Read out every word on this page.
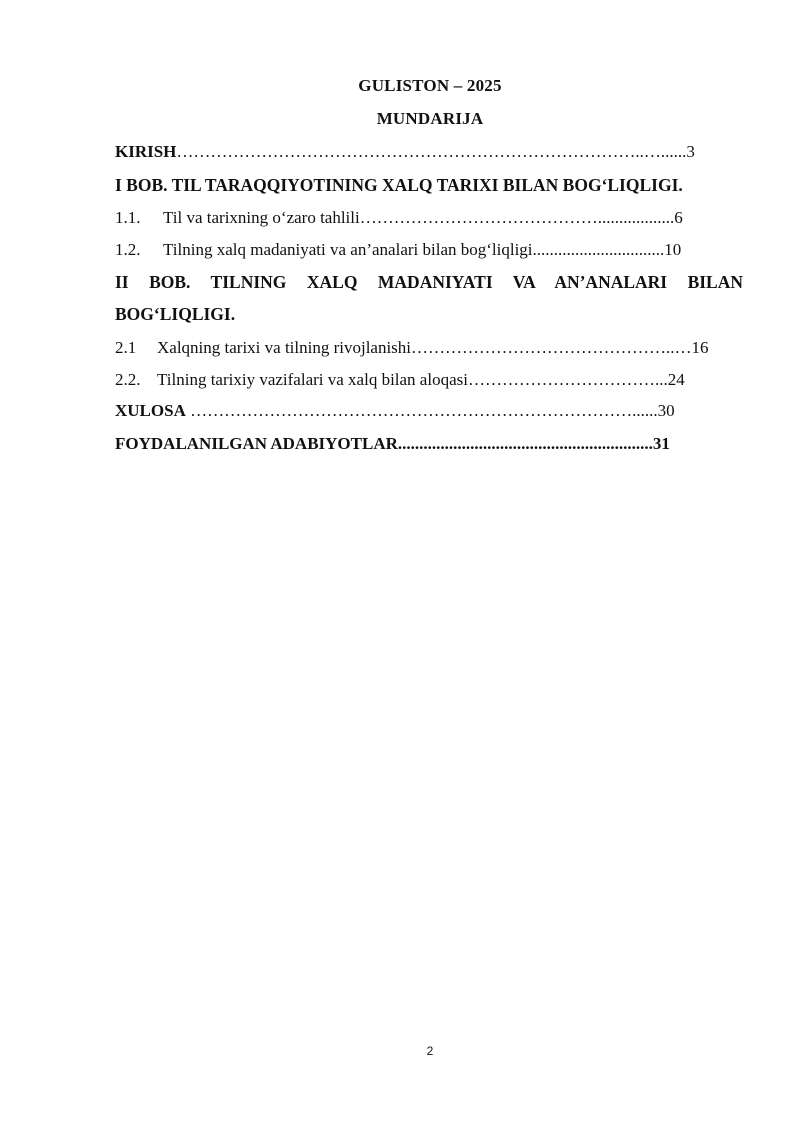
GULISTON – 2025
MUNDARIJA
KIRISH………………………………………………………………………..…......3
I BOB. TIL TARAQQIYOTINING XALQ TARIXI BILAN BOG‘LIQLIGI.
1.1. Til va tarixning o‘zaro tahlili……………………………………..................6
1.2. Tilning xalq madaniyati va an’analari bilan bog‘liqligi...............................10
II BOB. TILNING XALQ MADANIYATI VA AN’ANALARI BILAN
BOG‘LIQLIGI.
2.1 Xalqning tarixi va tilning rivojlanishi………………………………………..…16
2.2. Tilning tarixiy vazifalari va xalq bilan aloqasi……………………………...24
XULOSA ……………………………………………………………………......30
FOYDALANILGAN ADABIYOTLAR............................................................31
2
